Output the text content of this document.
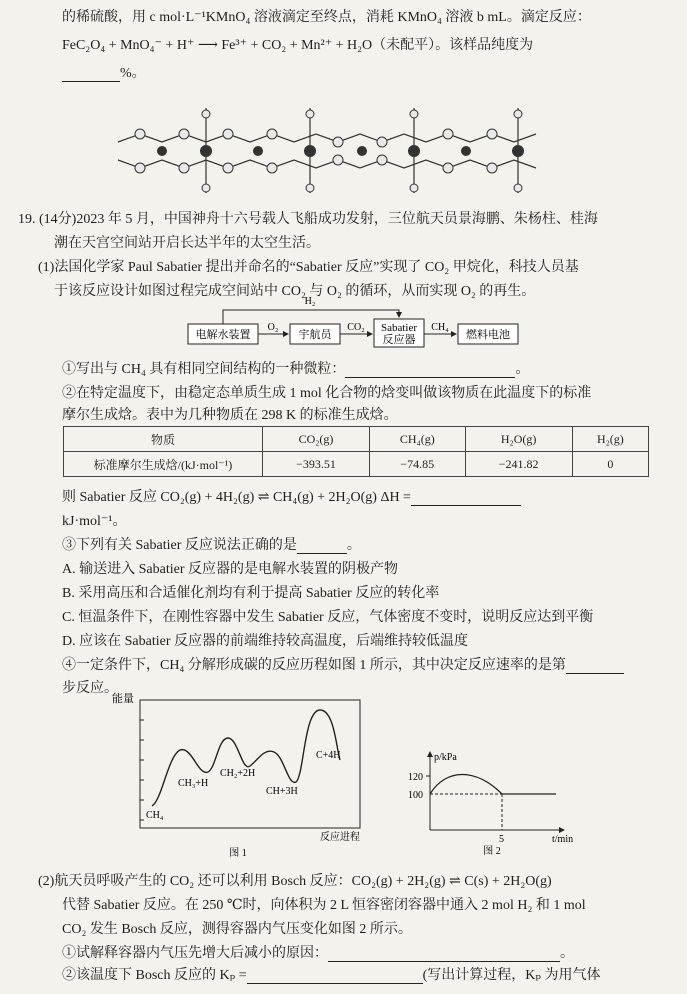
的稀硫酸，用 c mol·L⁻¹KMnO₄ 溶液滴定至终点，消耗 KMnO₄ 溶液 b mL。滴定反应：
FeC₂O₄ + MnO₄⁻ + H⁺ ⟶ Fe³⁺ + CO₂ + Mn²⁺ + H₂O（未配平）。该样品纯度为
%。
19. (14分)2023 年 5 月，中国神舟十六号载人飞船成功发射，三位航天员景海鹏、朱杨柱、桂海
潮在天宫空间站开启长达半年的太空生活。
(1)法国化学家 Paul Sabatier 提出并命名的“Sabatier 反应”实现了 CO₂ 甲烷化，科技人员基
于该反应设计如图过程完成空间站中 CO₂ 与 O₂ 的循环，从而实现 O₂ 的再生。
电解水装置	宇航员
Sabatier
反应器	燃料电池
O₂	CO₂	CH₄
H₂
①写出与 CH₄ 具有相同空间结构的一种微粒：	。
②在特定温度下，由稳定态单质生成 1 mol 化合物的焓变叫做该物质在此温度下的标准
摩尔生成焓。表中为几种物质在 298 K 的标准生成焓。
物质	CO₂(g)	CH₄(g)	H₂O(g)	H₂(g)
标准摩尔生成焓/(kJ·mol⁻¹)	−393.51	−74.85	−241.82	0
则 Sabatier 反应 CO₂(g) + 4H₂(g) ⇌ CH₄(g) + 2H₂O(g) ΔH =
kJ·mol⁻¹。
③下列有关 Sabatier 反应说法正确的是	。
A. 输送进入 Sabatier 反应器的是电解水装置的阴极产物
B. 采用高压和合适催化剂均有利于提高 Sabatier 反应的转化率
C. 恒温条件下，在刚性容器中发生 Sabatier 反应，气体密度不变时，说明反应达到平衡
D. 应该在 Sabatier 反应器的前端维持较高温度，后端维持较低温度
④一定条件下，CH₄ 分解形成碳的反应历程如图 1 所示，其中决定反应速率的是第
步反应。
能量
CH₄
CH₃+H
CH₂+2H
CH+3H
C+4H
反应进程
图 1
p/kPa
120
100
5	t/min
图 2
(2)航天员呼吸产生的 CO₂ 还可以利用 Bosch 反应：CO₂(g) + 2H₂(g) ⇌ C(s) + 2H₂O(g)
代替 Sabatier 反应。在 250 ℃时，向体积为 2 L 恒容密闭容器中通入 2 mol H₂ 和 1 mol
CO₂ 发生 Bosch 反应，测得容器内气压变化如图 2 所示。
①试解释容器内气压先增大后减小的原因：	。
②该温度下 Bosch 反应的 Kₚ =	(写出计算过程，Kₚ 为用气体
